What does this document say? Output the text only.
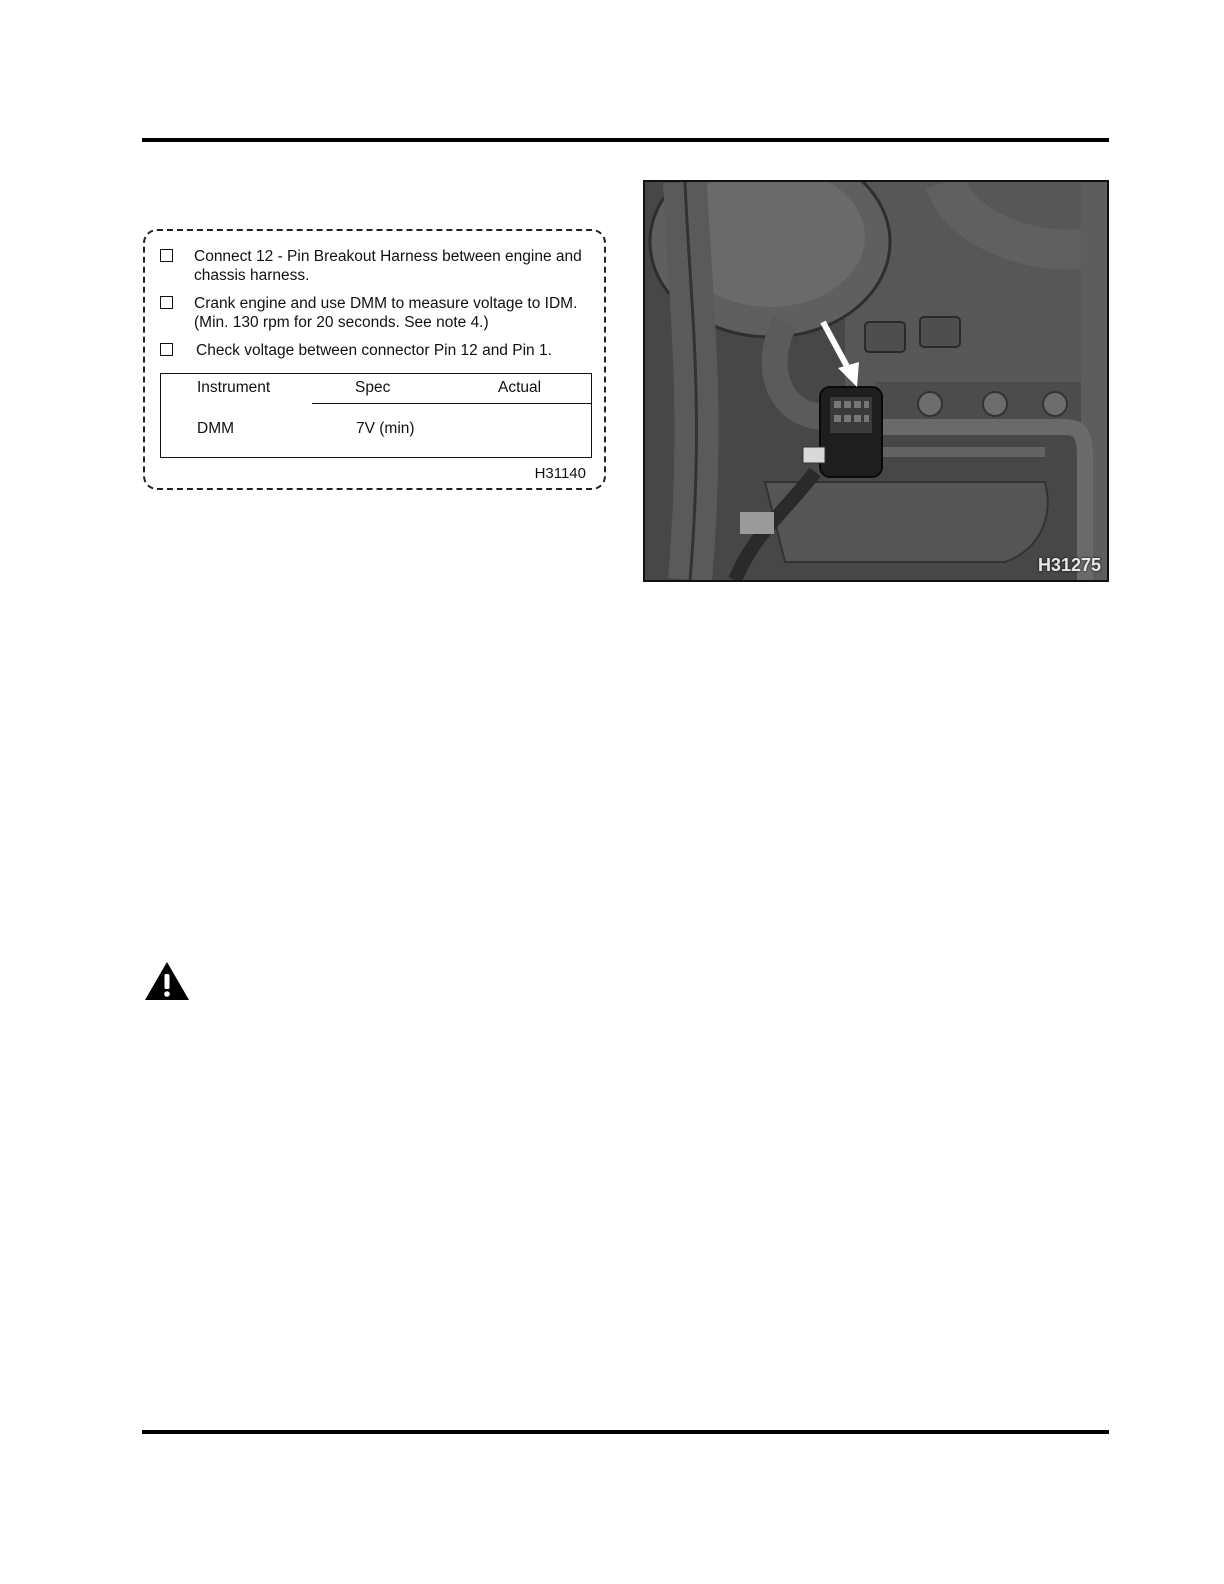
Connect 12 - Pin Breakout Harness between engine and
chassis harness.
Crank engine and use DMM to measure voltage to IDM.
(Min. 130 rpm for 20 seconds. See note 4.)
Check voltage between connector Pin 12 and Pin 1.
Instrument	Spec	Actual
DMM	7V (min)
H31140
H31275
